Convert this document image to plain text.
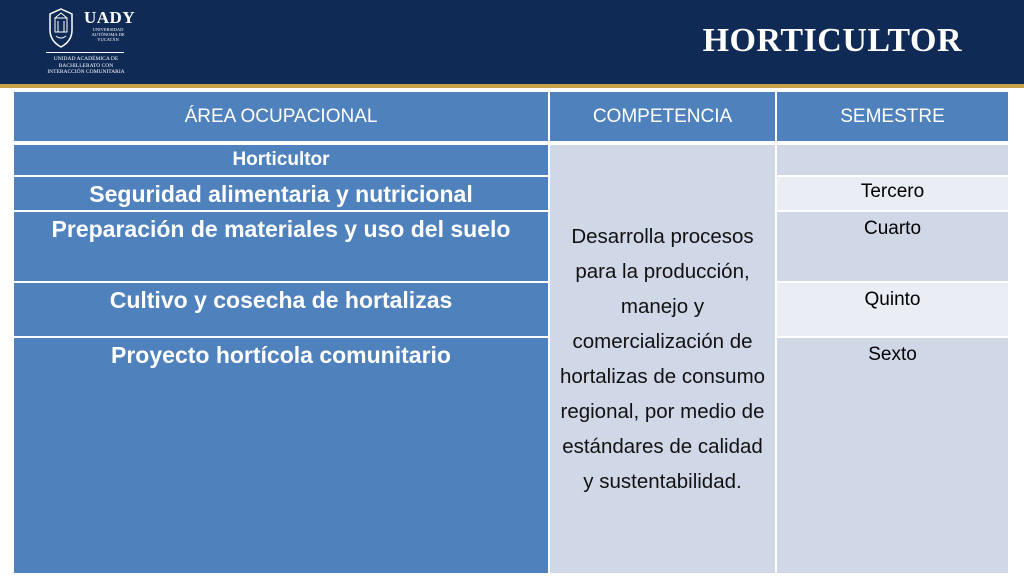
UADY
UNIVERSIDAD AUTÓNOMA DE YUCATÁN
UNIDAD ACADÉMICA DE BACHILLERATO CON INTERACCIÓN COMUNITARIA
HORTICULTOR
ÁREA OCUPACIONAL	COMPETENCIA	SEMESTRE
Horticultor
Seguridad alimentaria y nutricional
Preparación de materiales y uso del suelo
Cultivo y cosecha de hortalizas
Proyecto hortícola comunitario
Desarrolla procesos para la producción, manejo y comercialización de hortalizas de consumo regional, por medio de estándares de calidad y sustentabilidad.
Tercero
Cuarto
Quinto
Sexto
